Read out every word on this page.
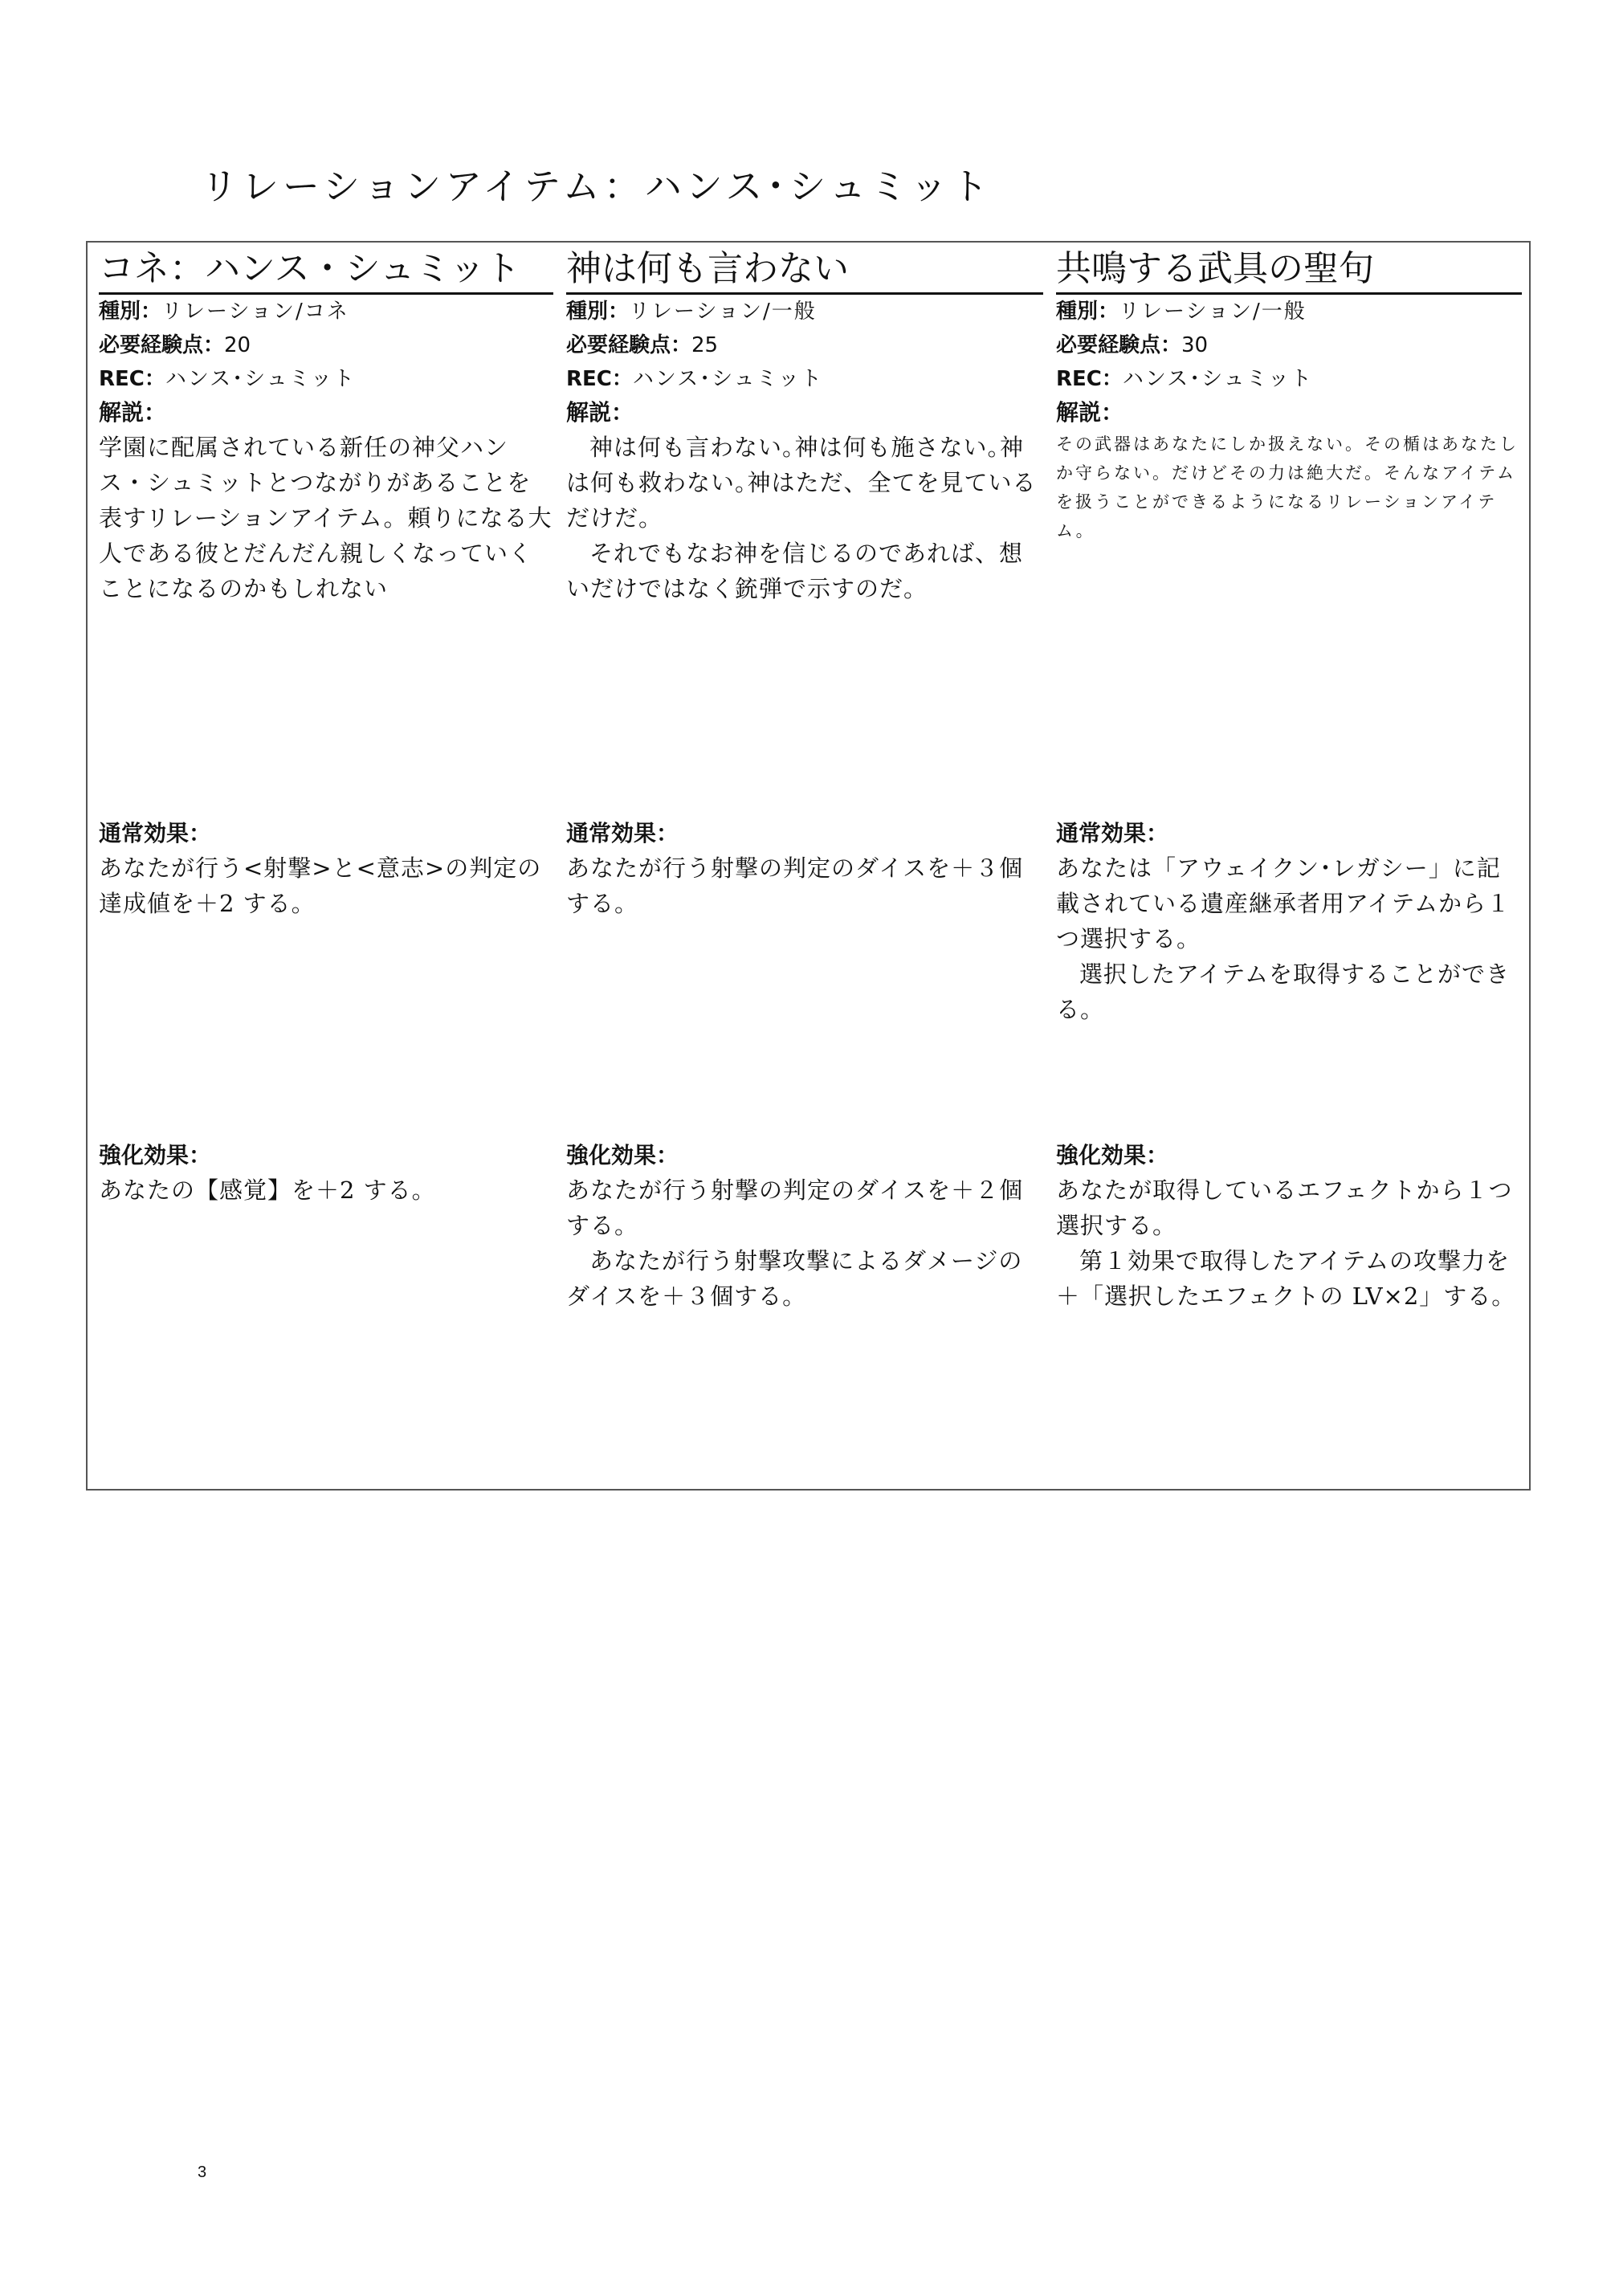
リレーションアイテム：ハンス･シュミット
コネ：ハンス・シュミット
種別：リレーション/コネ
必要経験点：20
REC：ハンス･シュミット
解説：

学園に配属されている新任の神父ハンス・シュミットとつながりがあることを表すリレーションアイテム。頼りになる大人である彼とだんだん親しくなっていくことになるのかもしれない

通常効果：

あなたが行う<射撃>と<意志>の判定の達成値を＋2 する。

強化効果：

あなたの【感覚】を＋2 する。

神は何も言わない
種別：リレーション/一般
必要経験点：25
REC：ハンス･シュミット
解説：

神は何も言わない｡神は何も施さない｡神は何も救わない｡神はただ、全てを見ているだけだ。

それでもなお神を信じるのであれば、想いだけではなく銃弾で示すのだ。

通常効果：

あなたが行う射撃の判定のダイスを＋３個する。

強化効果：

あなたが行う射撃の判定のダイスを＋２個する。

あなたが行う射撃攻撃によるダメージのダイスを＋３個する。

共鳴する武具の聖句
種別：リレーション/一般
必要経験点：30
REC：ハンス･シュミット
解説：

その武器はあなたにしか扱えない。その楯はあなたしか守らない。だけどその力は絶大だ。そんなアイテムを扱うことができるようになるリレーションアイテム。

通常効果：

あなたは「アウェイクン･レガシー」に記載されている遺産継承者用アイテムから１つ選択する。

選択したアイテムを取得することができる。

強化効果：

あなたが取得しているエフェクトから１つ選択する。

第１効果で取得したアイテムの攻撃力を＋「選択したエフェクトの LV×2」する。

3
